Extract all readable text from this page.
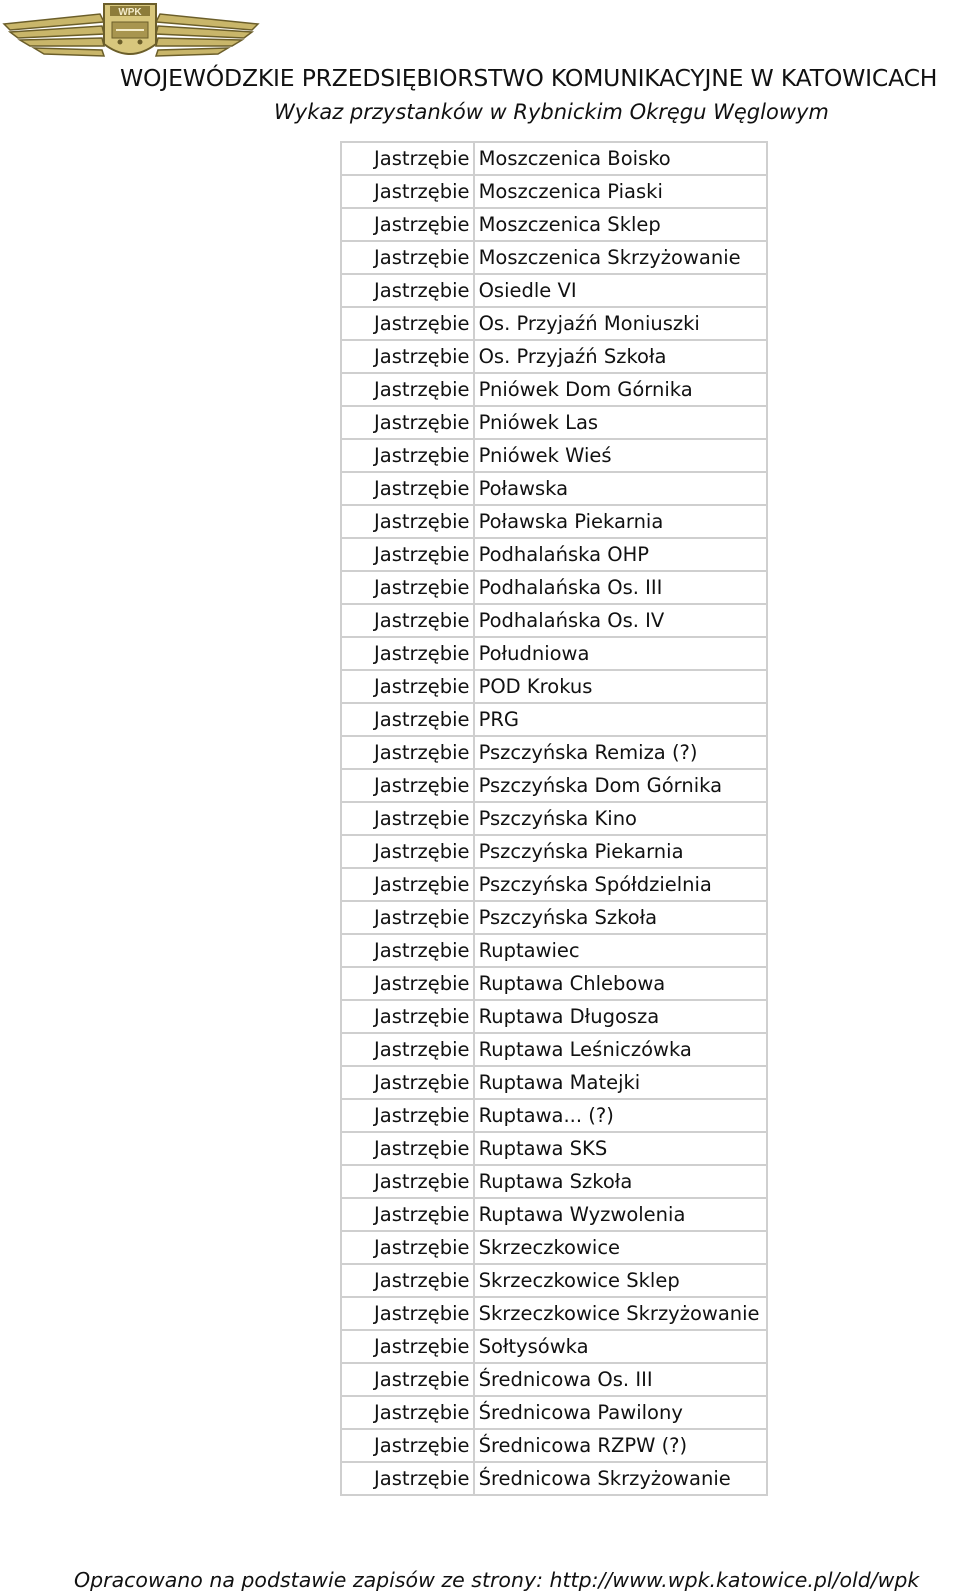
WPK
WOJEWÓDZKIE PRZEDSIĘBIORSTWO KOMUNIKACYJNE W KATOWICACH
Wykaz przystanków w Rybnickim Okręgu Węglowym
Jastrzębie	Moszczenica Boisko
Jastrzębie	Moszczenica Piaski
Jastrzębie	Moszczenica Sklep
Jastrzębie	Moszczenica Skrzyżowanie
Jastrzębie	Osiedle VI
Jastrzębie	Os. Przyjaźń Moniuszki
Jastrzębie	Os. Przyjaźń Szkoła
Jastrzębie	Pniówek Dom Górnika
Jastrzębie	Pniówek Las
Jastrzębie	Pniówek Wieś
Jastrzębie	Poławska
Jastrzębie	Poławska Piekarnia
Jastrzębie	Podhalańska OHP
Jastrzębie	Podhalańska Os. III
Jastrzębie	Podhalańska Os. IV
Jastrzębie	Południowa
Jastrzębie	POD Krokus
Jastrzębie	PRG
Jastrzębie	Pszczyńska Remiza (?)
Jastrzębie	Pszczyńska Dom Górnika
Jastrzębie	Pszczyńska Kino
Jastrzębie	Pszczyńska Piekarnia
Jastrzębie	Pszczyńska Spółdzielnia
Jastrzębie	Pszczyńska Szkoła
Jastrzębie	Ruptawiec
Jastrzębie	Ruptawa Chlebowa
Jastrzębie	Ruptawa Długosza
Jastrzębie	Ruptawa Leśniczówka
Jastrzębie	Ruptawa Matejki
Jastrzębie	Ruptawa... (?)
Jastrzębie	Ruptawa SKS
Jastrzębie	Ruptawa Szkoła
Jastrzębie	Ruptawa Wyzwolenia
Jastrzębie	Skrzeczkowice
Jastrzębie	Skrzeczkowice Sklep
Jastrzębie	Skrzeczkowice Skrzyżowanie
Jastrzębie	Sołtysówka
Jastrzębie	Średnicowa Os. III
Jastrzębie	Średnicowa Pawilony
Jastrzębie	Średnicowa RZPW (?)
Jastrzębie	Średnicowa Skrzyżowanie
Opracowano na podstawie zapisów ze strony: http://www.wpk.katowice.pl/old/wpk
